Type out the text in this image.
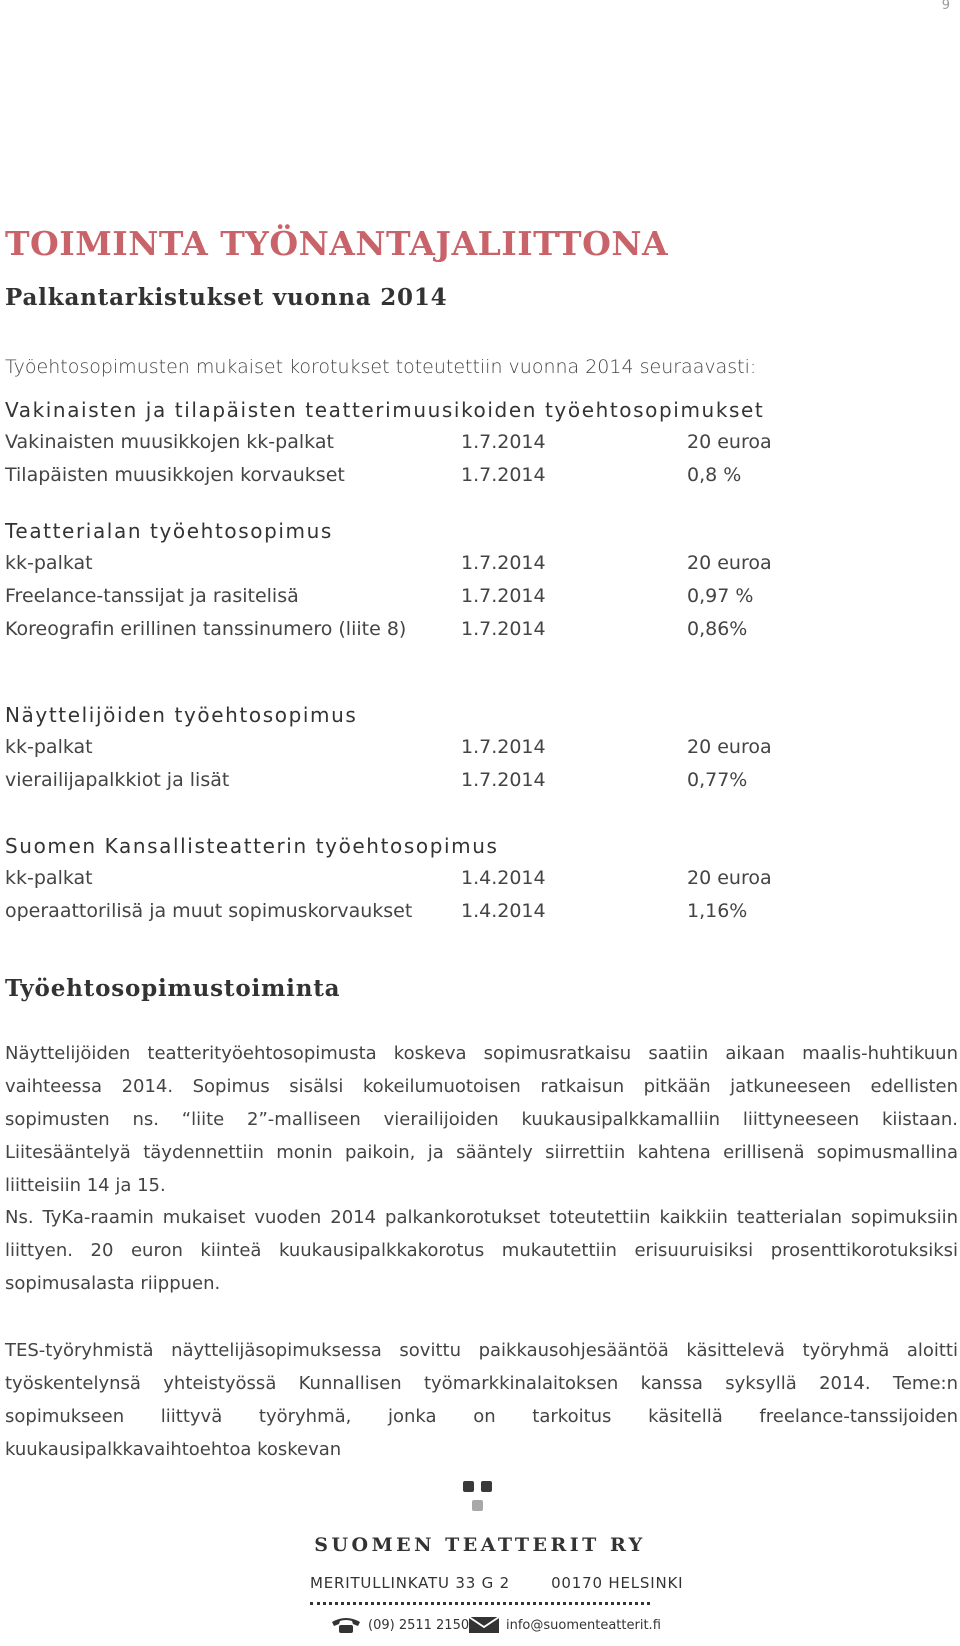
9
TOIMINTA TYÖNANTAJALIITTONA
Palkantarkistukset vuonna 2014

Työehtosopimusten mukaiset korotukset toteutettiin vuonna 2014 seuraavasti:

Vakinaisten ja tilapäisten teatterimuusikoiden työehtosopimukset
Vakinaisten muusikkojen kk-palkat	1.7.2014	20 euroa
Tilapäisten muusikkojen korvaukset	1.7.2014	0,8 %
Teatterialan työehtosopimus
kk-palkat	1.7.2014	20 euroa
Freelance-tanssijat ja rasitelisä	1.7.2014	0,97 %
Koreografin erillinen tanssinumero (liite 8)	1.7.2014	0,86%
Näyttelijöiden työehtosopimus
kk-palkat	1.7.2014	20 euroa
vierailijapalkkiot ja lisät	1.7.2014	0,77%
Suomen Kansallisteatterin työehtosopimus
kk-palkat	1.4.2014	20 euroa
operaattorilisä ja muut sopimuskorvaukset	1.4.2014	1,16%
Työehtosopimustoiminta

Näyttelijöiden teatterityöehtosopimusta koskeva sopimusratkaisu saatiin aikaan maalis-huhtikuun vaihteessa 2014. Sopimus sisälsi kokeilumuotoisen ratkaisun pitkään jatkuneeseen edellisten sopimusten ns. “liite 2”-malliseen vierailijoiden kuukausipalkkamalliin liittyneeseen kiistaan. Liitesääntelyä täydennettiin monin paikoin, ja sääntely siirrettiin kahtena erillisenä sopimusmallina liitteisiin 14 ja 15.

Ns. TyKa-raamin mukaiset vuoden 2014 palkankorotukset toteutettiin kaikkiin teatterialan sopimuksiin liittyen. 20 euron kiinteä kuukausipalkkakorotus mukautettiin erisuuruisiksi prosenttikorotuksiksi sopimusalasta riippuen.

TES-työryhmistä näyttelijäsopimuksessa sovittu paikkausohjesääntöä käsittelevä työryhmä aloitti työskentelynsä yhteistyössä Kunnallisen työmarkkinalaitoksen kanssa syksyllä 2014. Teme:n sopimukseen liittyvä työryhmä, jonka on tarkoitus käsitellä freelance-tanssijoiden kuukausipalkkavaihtoehtoa koskevan

SUOMEN TEATTERIT RY
MERITULLINKATU 33 G 2	00170 HELSINKI
(09) 2511 2150	info@suomenteatterit.fi
